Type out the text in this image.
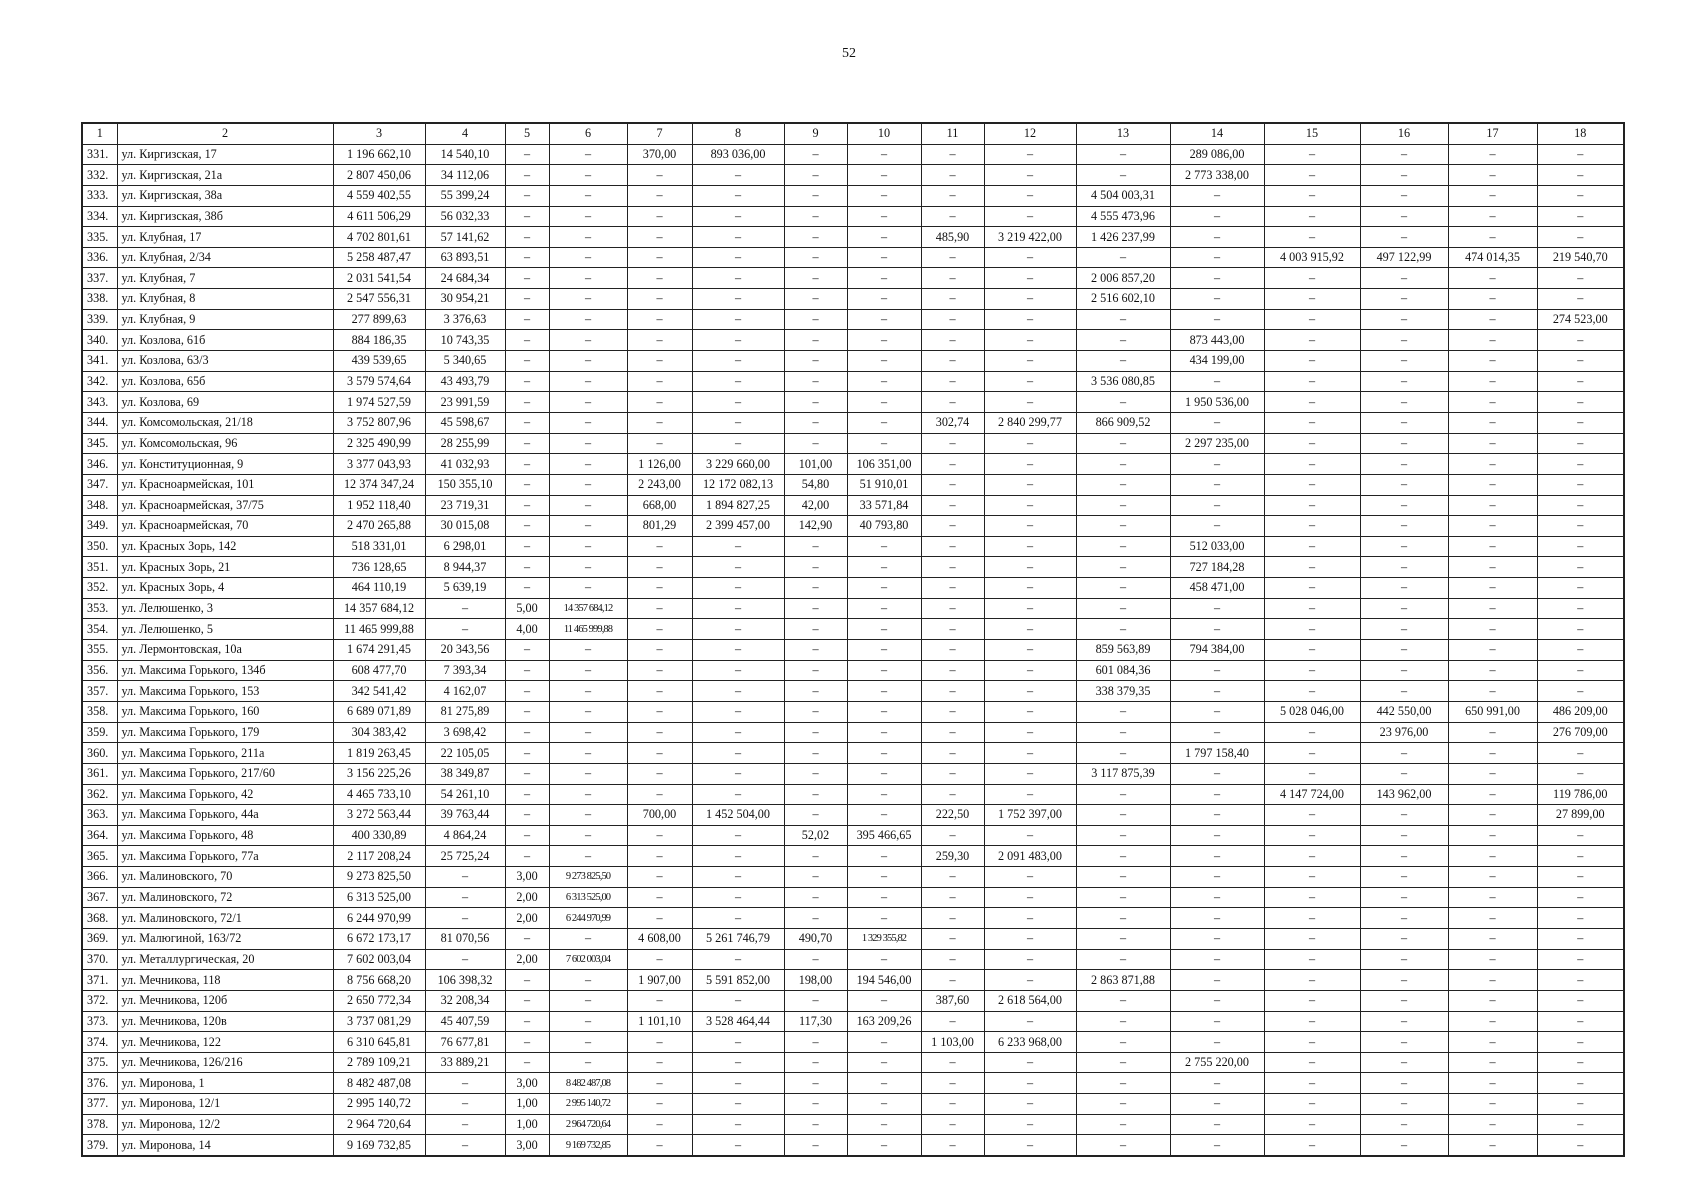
52
1	2	3	4	5	6	7	8	9	10	11	12	13	14	15	16	17	18
331.	ул. Киргизская, 17	1 196 662,10	14 540,10	–	–	370,00	893 036,00	–	–	–	–	–	289 086,00	–	–	–	–
332.	ул. Киргизская, 21а	2 807 450,06	34 112,06	–	–	–	–	–	–	–	–	–	2 773 338,00	–	–	–	–
333.	ул. Киргизская, 38а	4 559 402,55	55 399,24	–	–	–	–	–	–	–	–	4 504 003,31	–	–	–	–	–
334.	ул. Киргизская, 38б	4 611 506,29	56 032,33	–	–	–	–	–	–	–	–	4 555 473,96	–	–	–	–	–
335.	ул. Клубная, 17	4 702 801,61	57 141,62	–	–	–	–	–	–	485,90	3 219 422,00	1 426 237,99	–	–	–	–	–
336.	ул. Клубная, 2/34	5 258 487,47	63 893,51	–	–	–	–	–	–	–	–	–	–	4 003 915,92	497 122,99	474 014,35	219 540,70
337.	ул. Клубная, 7	2 031 541,54	24 684,34	–	–	–	–	–	–	–	–	2 006 857,20	–	–	–	–	–
338.	ул. Клубная, 8	2 547 556,31	30 954,21	–	–	–	–	–	–	–	–	2 516 602,10	–	–	–	–	–
339.	ул. Клубная, 9	277 899,63	3 376,63	–	–	–	–	–	–	–	–	–	–	–	–	–	274 523,00
340.	ул. Козлова, 61б	884 186,35	10 743,35	–	–	–	–	–	–	–	–	–	873 443,00	–	–	–	–
341.	ул. Козлова, 63/3	439 539,65	5 340,65	–	–	–	–	–	–	–	–	–	434 199,00	–	–	–	–
342.	ул. Козлова, 65б	3 579 574,64	43 493,79	–	–	–	–	–	–	–	–	3 536 080,85	–	–	–	–	–
343.	ул. Козлова, 69	1 974 527,59	23 991,59	–	–	–	–	–	–	–	–	–	1 950 536,00	–	–	–	–
344.	ул. Комсомольская, 21/18	3 752 807,96	45 598,67	–	–	–	–	–	–	302,74	2 840 299,77	866 909,52	–	–	–	–	–
345.	ул. Комсомольская, 96	2 325 490,99	28 255,99	–	–	–	–	–	–	–	–	–	2 297 235,00	–	–	–	–
346.	ул. Конституционная, 9	3 377 043,93	41 032,93	–	–	1 126,00	3 229 660,00	101,00	106 351,00	–	–	–	–	–	–	–	–
347.	ул. Красноармейская, 101	12 374 347,24	150 355,10	–	–	2 243,00	12 172 082,13	54,80	51 910,01	–	–	–	–	–	–	–	–
348.	ул. Красноармейская, 37/75	1 952 118,40	23 719,31	–	–	668,00	1 894 827,25	42,00	33 571,84	–	–	–	–	–	–	–	–
349.	ул. Красноармейская, 70	2 470 265,88	30 015,08	–	–	801,29	2 399 457,00	142,90	40 793,80	–	–	–	–	–	–	–	–
350.	ул. Красных Зорь, 142	518 331,01	6 298,01	–	–	–	–	–	–	–	–	–	512 033,00	–	–	–	–
351.	ул. Красных Зорь, 21	736 128,65	8 944,37	–	–	–	–	–	–	–	–	–	727 184,28	–	–	–	–
352.	ул. Красных Зорь, 4	464 110,19	5 639,19	–	–	–	–	–	–	–	–	–	458 471,00	–	–	–	–
353.	ул. Лелюшенко, 3	14 357 684,12	–	5,00	14 357 684,12	–	–	–	–	–	–	–	–	–	–	–	–
354.	ул. Лелюшенко, 5	11 465 999,88	–	4,00	11 465 999,88	–	–	–	–	–	–	–	–	–	–	–	–
355.	ул. Лермонтовская, 10а	1 674 291,45	20 343,56	–	–	–	–	–	–	–	–	859 563,89	794 384,00	–	–	–	–
356.	ул. Максима Горького, 134б	608 477,70	7 393,34	–	–	–	–	–	–	–	–	601 084,36	–	–	–	–	–
357.	ул. Максима Горького, 153	342 541,42	4 162,07	–	–	–	–	–	–	–	–	338 379,35	–	–	–	–	–
358.	ул. Максима Горького, 160	6 689 071,89	81 275,89	–	–	–	–	–	–	–	–	–	–	5 028 046,00	442 550,00	650 991,00	486 209,00
359.	ул. Максима Горького, 179	304 383,42	3 698,42	–	–	–	–	–	–	–	–	–	–	–	23 976,00	–	276 709,00
360.	ул. Максима Горького, 211а	1 819 263,45	22 105,05	–	–	–	–	–	–	–	–	–	1 797 158,40	–	–	–	–
361.	ул. Максима Горького, 217/60	3 156 225,26	38 349,87	–	–	–	–	–	–	–	–	3 117 875,39	–	–	–	–	–
362.	ул. Максима Горького, 42	4 465 733,10	54 261,10	–	–	–	–	–	–	–	–	–	–	4 147 724,00	143 962,00	–	119 786,00
363.	ул. Максима Горького, 44а	3 272 563,44	39 763,44	–	–	700,00	1 452 504,00	–	–	222,50	1 752 397,00	–	–	–	–	–	27 899,00
364.	ул. Максима Горького, 48	400 330,89	4 864,24	–	–	–	–	52,02	395 466,65	–	–	–	–	–	–	–	–
365.	ул. Максима Горького, 77а	2 117 208,24	25 725,24	–	–	–	–	–	–	259,30	2 091 483,00	–	–	–	–	–	–
366.	ул. Малиновского, 70	9 273 825,50	–	3,00	9 273 825,50	–	–	–	–	–	–	–	–	–	–	–	–
367.	ул. Малиновского, 72	6 313 525,00	–	2,00	6 313 525,00	–	–	–	–	–	–	–	–	–	–	–	–
368.	ул. Малиновского, 72/1	6 244 970,99	–	2,00	6 244 970,99	–	–	–	–	–	–	–	–	–	–	–	–
369.	ул. Малюгиной, 163/72	6 672 173,17	81 070,56	–	–	4 608,00	5 261 746,79	490,70	1 329 355,82	–	–	–	–	–	–	–	–
370.	ул. Металлургическая, 20	7 602 003,04	–	2,00	7 602 003,04	–	–	–	–	–	–	–	–	–	–	–	–
371.	ул. Мечникова, 118	8 756 668,20	106 398,32	–	–	1 907,00	5 591 852,00	198,00	194 546,00	–	–	2 863 871,88	–	–	–	–	–
372.	ул. Мечникова, 120б	2 650 772,34	32 208,34	–	–	–	–	–	–	387,60	2 618 564,00	–	–	–	–	–	–
373.	ул. Мечникова, 120в	3 737 081,29	45 407,59	–	–	1 101,10	3 528 464,44	117,30	163 209,26	–	–	–	–	–	–	–	–
374.	ул. Мечникова, 122	6 310 645,81	76 677,81	–	–	–	–	–	–	1 103,00	6 233 968,00	–	–	–	–	–	–
375.	ул. Мечникова, 126/216	2 789 109,21	33 889,21	–	–	–	–	–	–	–	–	–	2 755 220,00	–	–	–	–
376.	ул. Миронова, 1	8 482 487,08	–	3,00	8 482 487,08	–	–	–	–	–	–	–	–	–	–	–	–
377.	ул. Миронова, 12/1	2 995 140,72	–	1,00	2 995 140,72	–	–	–	–	–	–	–	–	–	–	–	–
378.	ул. Миронова, 12/2	2 964 720,64	–	1,00	2 964 720,64	–	–	–	–	–	–	–	–	–	–	–	–
379.	ул. Миронова, 14	9 169 732,85	–	3,00	9 169 732,85	–	–	–	–	–	–	–	–	–	–	–	–
